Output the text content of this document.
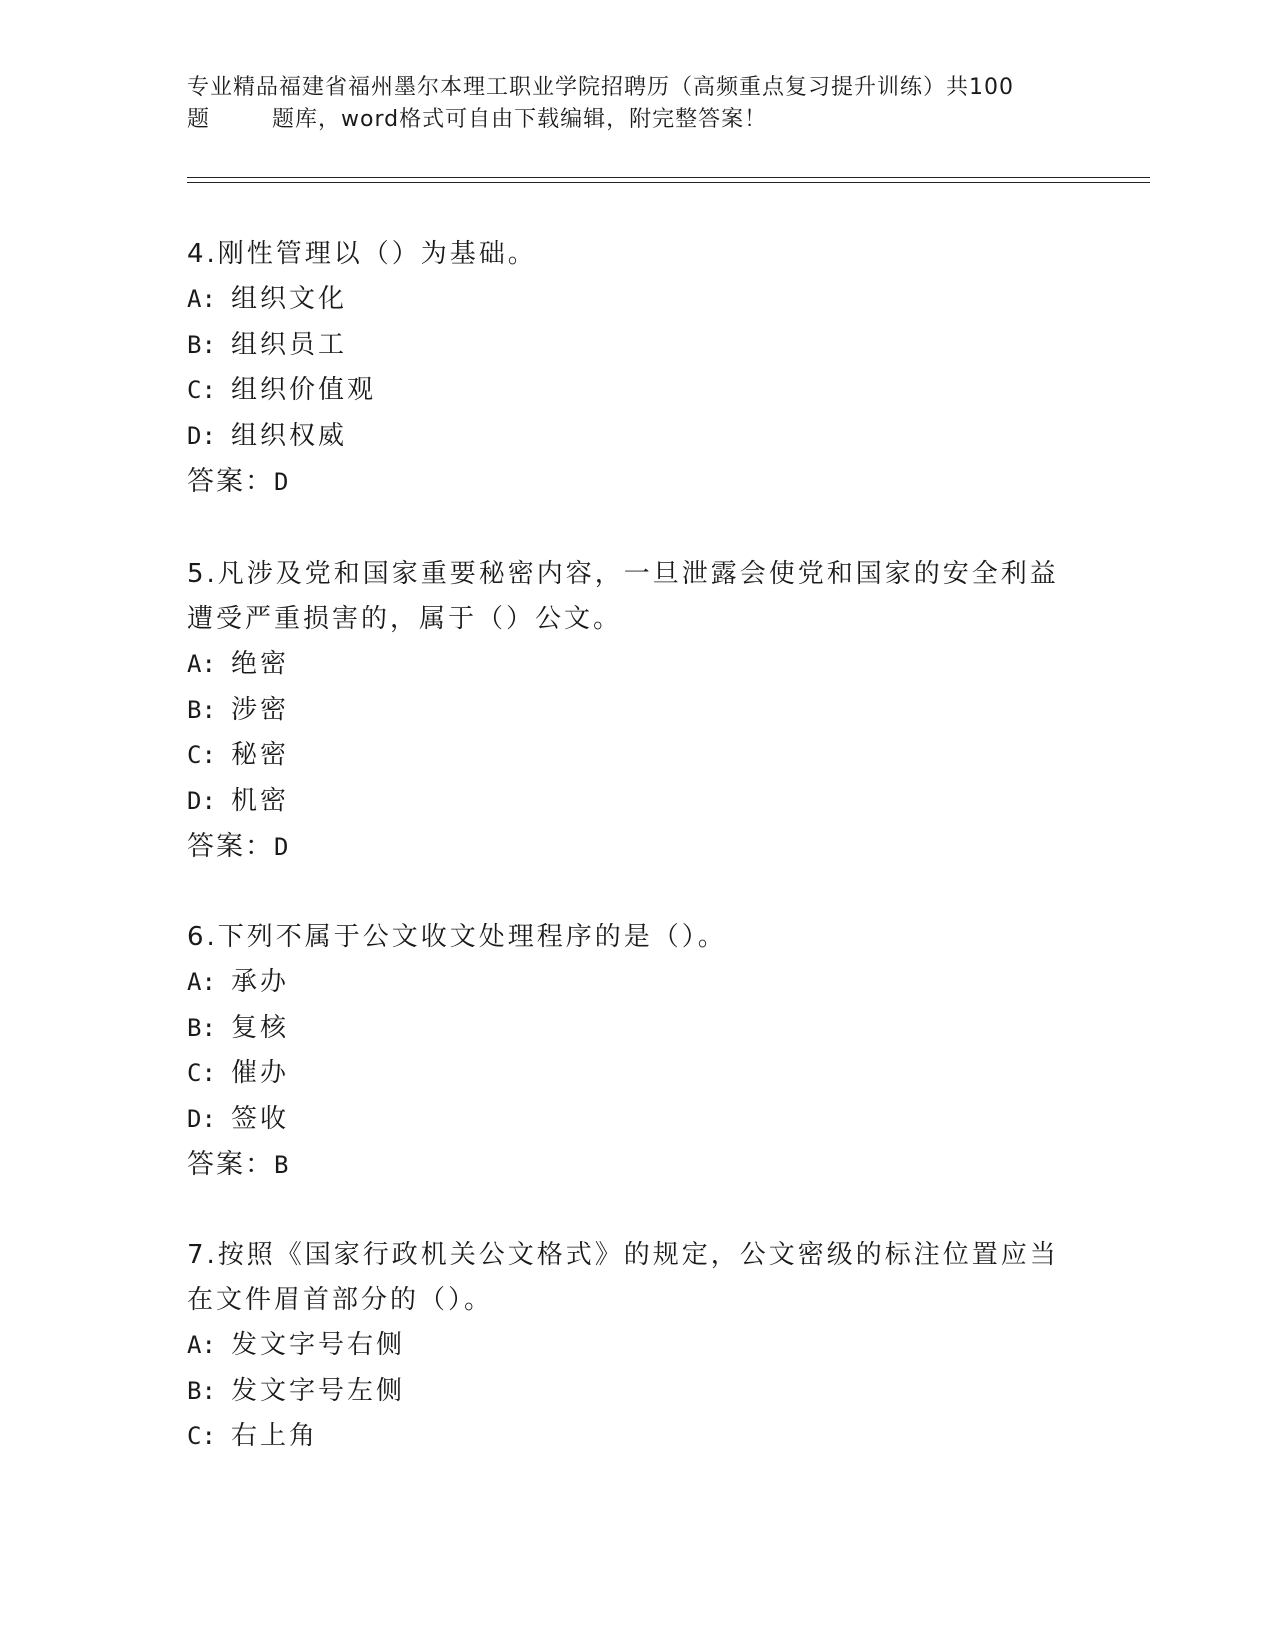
专业精品福建省福州墨尔本理工职业学院招聘历（高频重点复习提升训练）共100
题	题库，word格式可自由下载编辑，附完整答案！
4.刚性管理以（）为基础。
A: 组织文化
B: 组织员工
C: 组织价值观
D: 组织权威
答案：D
5.凡涉及党和国家重要秘密内容，一旦泄露会使党和国家的安全利益
遭受严重损害的，属于（）公文。
A: 绝密
B: 涉密
C: 秘密
D: 机密
答案：D
6.下列不属于公文收文处理程序的是（）。
A: 承办
B: 复核
C: 催办
D: 签收
答案：B
7.按照《国家行政机关公文格式》的规定，公文密级的标注位置应当
在文件眉首部分的（）。
A: 发文字号右侧
B: 发文字号左侧
C: 右上角
